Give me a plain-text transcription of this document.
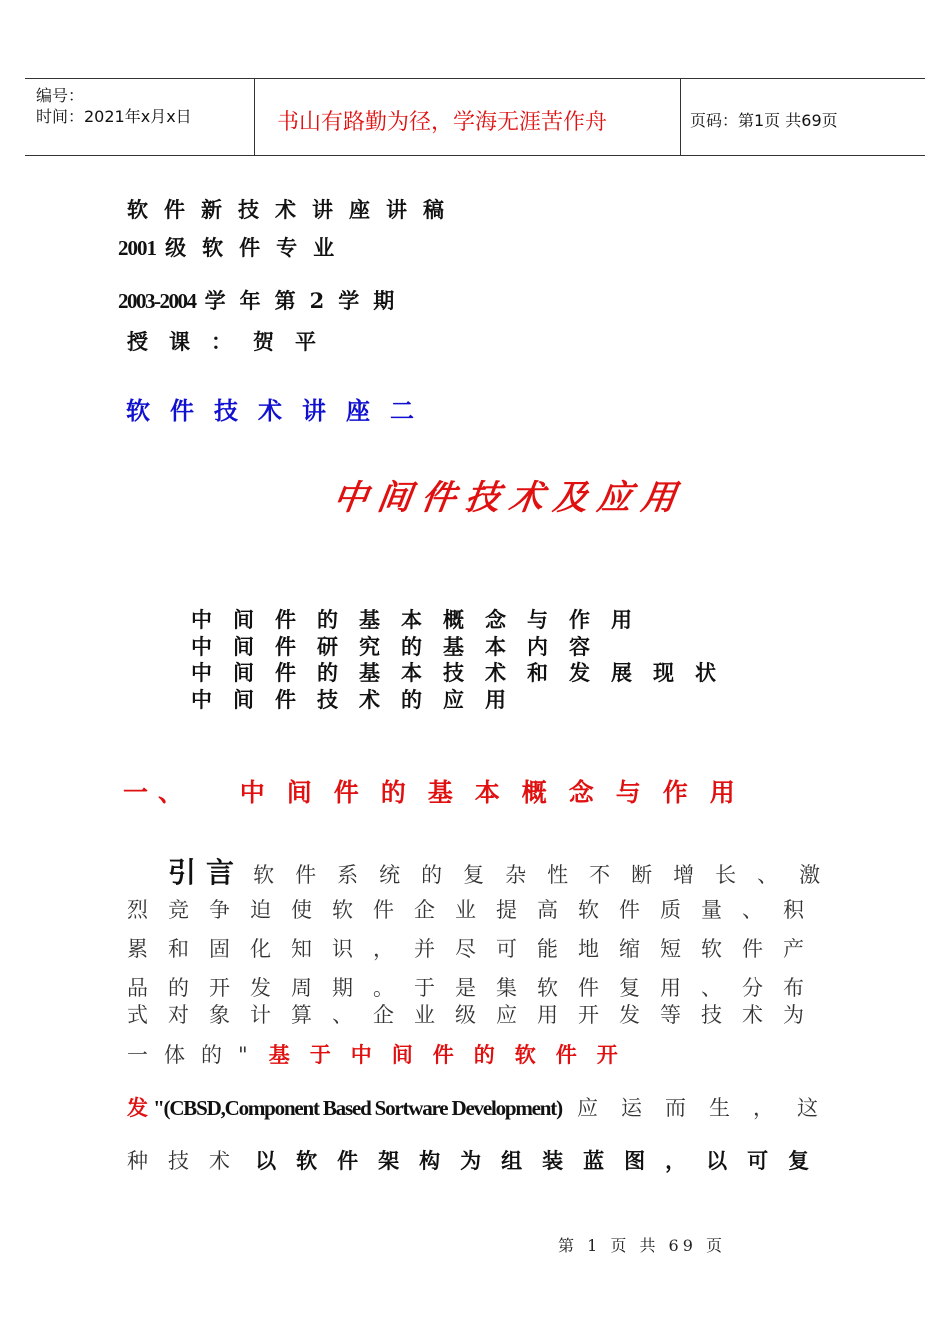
编号：
时间：2021年x月x日	书山有路勤为径，学海无涯苦作舟	页码：第1页 共69页
软件新技术讲座讲稿
2001 级软件专业
2003-2004 学年第2学期
授课：贺平
软件技术讲座二
中间件技术及应用
中间件的基本概念与作用
中间件研究的基本内容
中间件的基本技术和发展现状
中间件技术的应用
一、 中间件的基本概念与作用
引言 软件系统的复杂性不断增长、激
烈竞争迫使软件企业提高软件质量、积
累和固化知识，并尽可能地缩短软件产
品的开发周期。于是集软件复用、分布
式对象计算、企业级应用开发等技术为
一体的" 基于中间件的软件开
发 "(CBSD,Component Based Sortware Development) 应运而生，这
种技术 以软件架构为组装蓝图，以可复
第 1 页 共 69 页
